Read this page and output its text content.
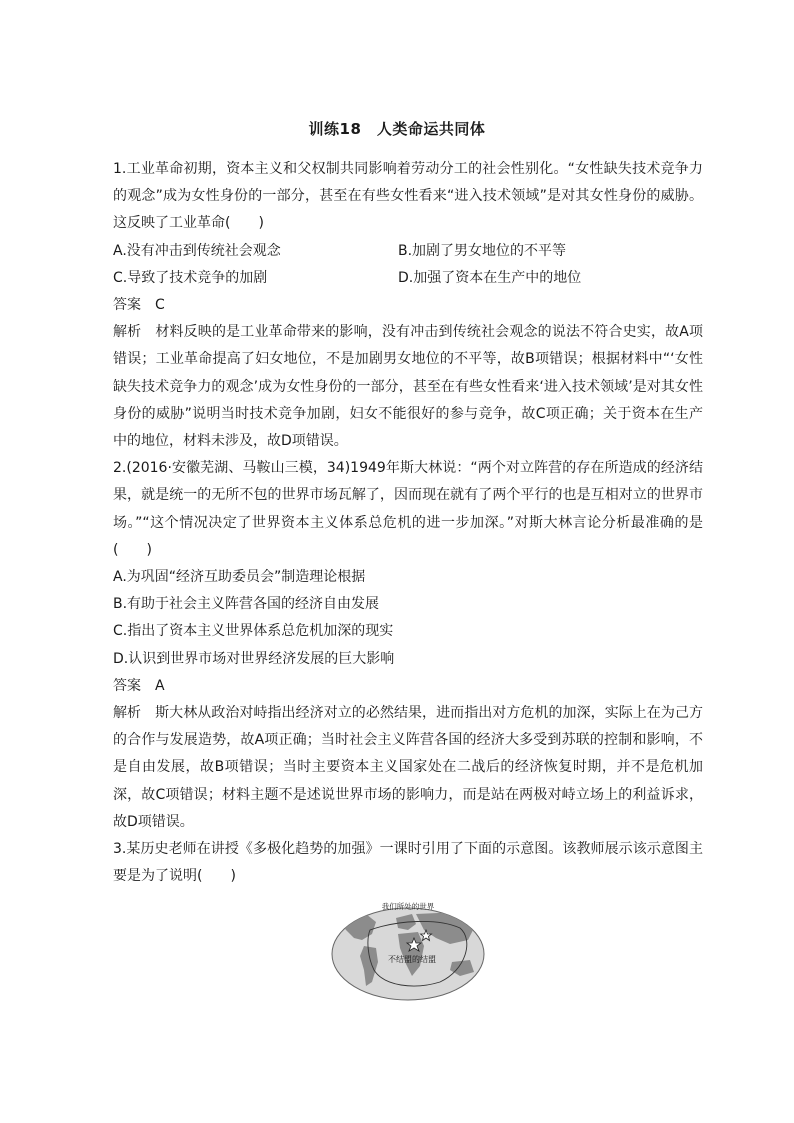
训练18　人类命运共同体

1.工业革命初期，资本主义和父权制共同影响着劳动分工的社会性别化。“女性缺失技术竞争力的观念”成为女性身份的一部分，甚至在有些女性看来“进入技术领域”是对其女性身份的威胁。这反映了工业革命(　　)

A.没有冲击到传统社会观念	B.加剧了男女地位的不平等
C.导致了技术竞争的加剧	D.加强了资本在生产中的地位

答案 C

解析 材料反映的是工业革命带来的影响，没有冲击到传统社会观念的说法不符合史实，故A项错误；工业革命提高了妇女地位，不是加剧男女地位的不平等，故B项错误；根据材料中“‘女性缺失技术竞争力的观念’成为女性身份的一部分，甚至在有些女性看来‘进入技术领域’是对其女性身份的威胁”说明当时技术竞争加剧，妇女不能很好的参与竞争，故C项正确；关于资本在生产中的地位，材料未涉及，故D项错误。

2.(2016·安徽芜湖、马鞍山三模，34)1949年斯大林说：“两个对立阵营的存在所造成的经济结果，就是统一的无所不包的世界市场瓦解了，因而现在就有了两个平行的也是互相对立的世界市场。”“这个情况决定了世界资本主义体系总危机的进一步加深。”对斯大林言论分析最准确的是(　　)

A.为巩固“经济互助委员会”制造理论根据
B.有助于社会主义阵营各国的经济自由发展
C.指出了资本主义世界体系总危机加深的现实
D.认识到世界市场对世界经济发展的巨大影响

答案 A

解析 斯大林从政治对峙指出经济对立的必然结果，进而指出对方危机的加深，实际上在为己方的合作与发展造势，故A项正确；当时社会主义阵营各国的经济大多受到苏联的控制和影响，不是自由发展，故B项错误；当时主要资本主义国家处在二战后的经济恢复时期，并不是危机加深，故C项错误；材料主题不是述说世界市场的影响力，而是站在两极对峙立场上的利益诉求，故D项错误。

3.某历史老师在讲授《多极化趋势的加强》一课时引用了下面的示意图。该教师展示该示意图主要是为了说明(　　)

我们所处的世界
不结盟的结盟
